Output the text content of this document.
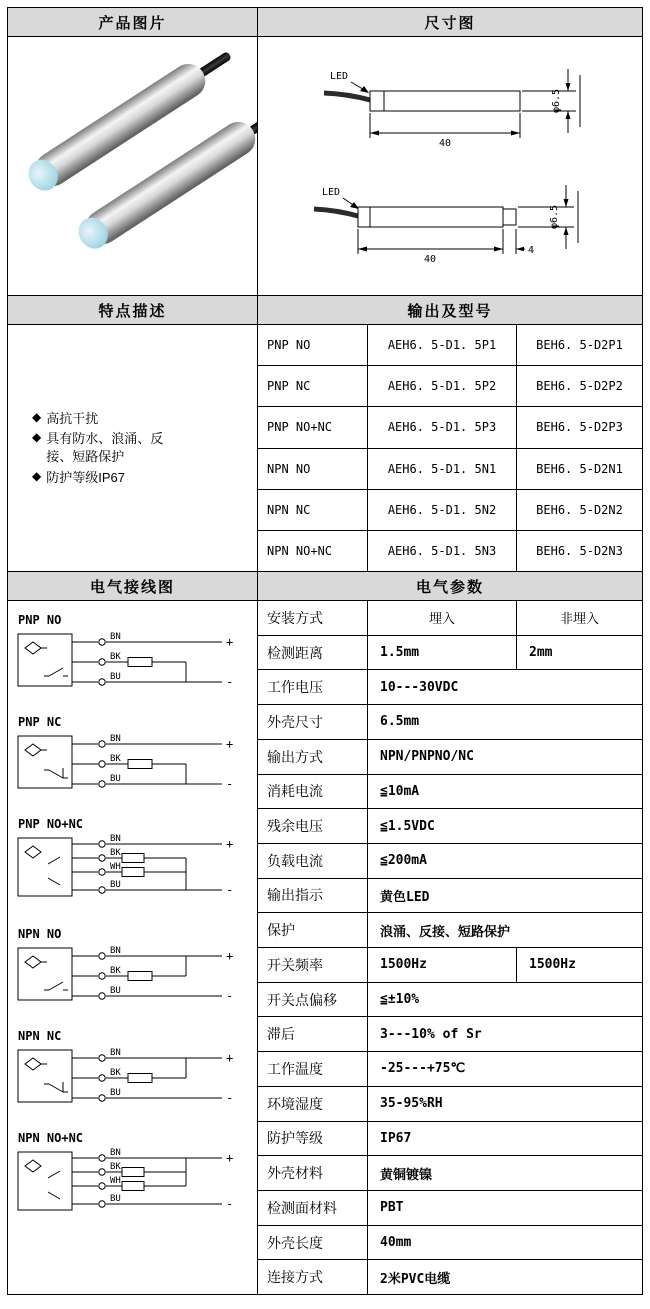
产品图片	尺寸图
LED
40
φ6.5
LED
40
4
φ6.5
特点描述	输出及型号
◆ 高抗干扰
◆ 具有防水、浪涌、反接、短路保护
◆ 防护等级IP67
PNP NO	AEH6. 5-D1. 5P1	BEH6. 5-D2P1
PNP NC	AEH6. 5-D1. 5P2	BEH6. 5-D2P2
PNP NO+NC	AEH6. 5-D1. 5P3	BEH6. 5-D2P3
NPN NO	AEH6. 5-D1. 5N1	BEH6. 5-D2N1
NPN NC	AEH6. 5-D1. 5N2	BEH6. 5-D2N2
NPN NO+NC	AEH6. 5-D1. 5N3	BEH6. 5-D2N3
电气接线图	电气参数
PNP NO
BN
BK
BU
+
-
PNP NC
BN
BK
BU
+
-
PNP NO+NC
BN
BK
WH
BU
+
-
NPN NO
BN
BK
BU
+
-
NPN NC
BN
BK
BU
+
-
NPN NO+NC
BN
BK
WH
BU
+
-
安装方式	埋入	非埋入
检测距离	1.5mm	2mm
工作电压	10---30VDC
外壳尺寸	6.5mm
输出方式	NPN/PNPNO/NC
消耗电流	≦10mA
残余电压	≦1.5VDC
负载电流	≦200mA
输出指示	黄色LED
保护	浪涌、反接、短路保护
开关频率	1500Hz	1500Hz
开关点偏移	≦±10%
滞后	3---10% of Sr
工作温度	-25---+75℃
环境湿度	35-95%RH
防护等级	IP67
外壳材料	黄铜镀镍
检测面材料	PBT
外壳长度	40mm
连接方式	2米PVC电缆
